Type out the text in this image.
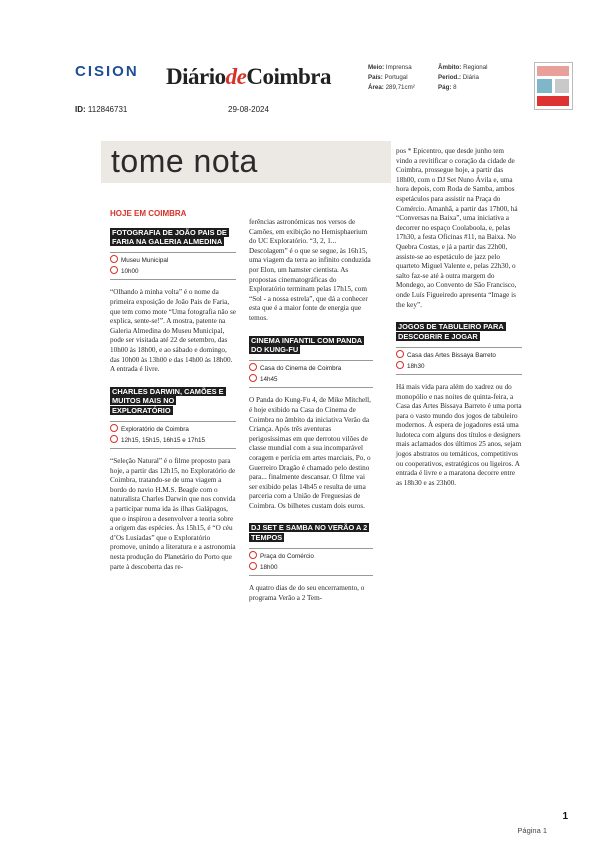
CISION DiáriodeCoimbra	Meio: Imprensa
País: Portugal
Área: 289,71cm²
Âmbito: Regional
Period.: Diária
Pág: 8
ID: 112846731	29-08-2024
tome nota
HOJE EM COIMBRA
FOTOGRAFIA DE JOÃO PAIS DE FARIA NA GALERIA ALMEDINA
Museu Municipal
10h00

“Olhando à minha volta” é o nome da primeira exposição de João Pais de Faria, que tem como mote “Uma fotografia não se explica, sente-se!”. A mostra, patente na Galeria Almedina do Museu Municipal, pode ser visitada até 22 de setembro, das 10h00 às 18h00, e ao sábado e domingo, das 10h00 às 13h00 e das 14h00 às 18h00. A entrada é livre.

CHARLES DARWIN, CAMÕES E MUITOS MAIS NO EXPLORATÓRIO
Exploratório de Coimbra
12h15, 15h15, 16h15 e 17h15

“Seleção Natural” é o filme proposto para hoje, a partir das 12h15, no Exploratório de Coimbra, tratando-se de uma viagem a bordo do navio H.M.S. Beagle com o naturalista Charles Darwin que nos convida a participar numa ida às ilhas Galápagos, que o inspirou a desenvolver a teoria sobre a origem das espécies. Às 15h15, é “O céu d’Os Lusíadas” que o Exploratório promove, unindo a literatura e a astronomia nesta produção do Planetário do Porto que parte à descoberta das re-

ferências astronómicas nos versos de Camões, em exibição no Hemisphaerium do UC Exploratório. “3, 2, 1... Descolagem” é o que se segue, às 16h15, uma viagem da terra ao infinito conduzida por Elon, um hamster cientista. As propostas cinematográficas do Exploratório terminam pelas 17h15, com “Sol - a nossa estrela”, que dá a conhecer esta que é a maior fonte de energia que temos.

CINEMA INFANTIL COM PANDA DO KUNG-FU
Casa do Cinema de Coimbra
14h45

O Panda do Kung-Fu 4, de Mike Mitchell, é hoje exibido na Casa do Cinema de Coimbra no âmbito da iniciativa Verão da Criança. Após três aventuras perigosíssimas em que derrotou vilões de classe mundial com a sua incomparável coragem e perícia em artes marciais, Po, o Guerreiro Dragão é chamado pelo destino para... finalmente descansar. O filme vai ser exibido pelas 14h45 e resulta de uma parceria com a União de Freguesias de Coimbra. Os bilhetes custam dois euros.

DJ SET E SAMBA NO VERÃO A 2 TEMPOS
Praça do Comércio
18h00

A quatro dias de do seu encerramento, o programa Verão a 2 Tem-

pos * Epicentro, que desde junho tem vindo a revitificar o coração da cidade de Coimbra, prossegue hoje, a partir das 18h00, com o DJ Set Nuno Ávila e, uma hora depois, com Roda de Samba, ambos espetáculos para assistir na Praça do Comércio. Amanhã, a partir das 17h00, há “Conversas na Baixa”, uma iniciativa a decorrer no espaço Coolaboola, e, pelas 17h30, a festa Oficinas #11, na Baixa. No Quebra Costas, e já a partir das 22h00, assiste-se ao espetáculo de jazz pelo quarteto Miguel Valente e, pelas 22h30, o salto faz-se até à outra margem do Mondego, ao Convento de São Francisco, onde Luís Figueiredo apresenta “Image is the key”.

JOGOS DE TABULEIRO PARA DESCOBRIR E JOGAR
Casa das Artes Bissaya Barreto
18h30

Há mais vida para além do xadrez ou do monopólio e nas noites de quinta-feira, a Casa das Artes Bissaya Barreto é uma porta para o vasto mundo dos jogos de tabuleiro modernos. À espera de jogadores está uma ludoteca com alguns dos títulos e designers mais aclamados dos últimos 25 anos, sejam jogos abstratos ou temáticos, competitivos ou cooperativos, estratégicos ou ligeiros. A entrada é livre e a maratona decorre entre as 18h30 e as 23h00.

1
Página 1
